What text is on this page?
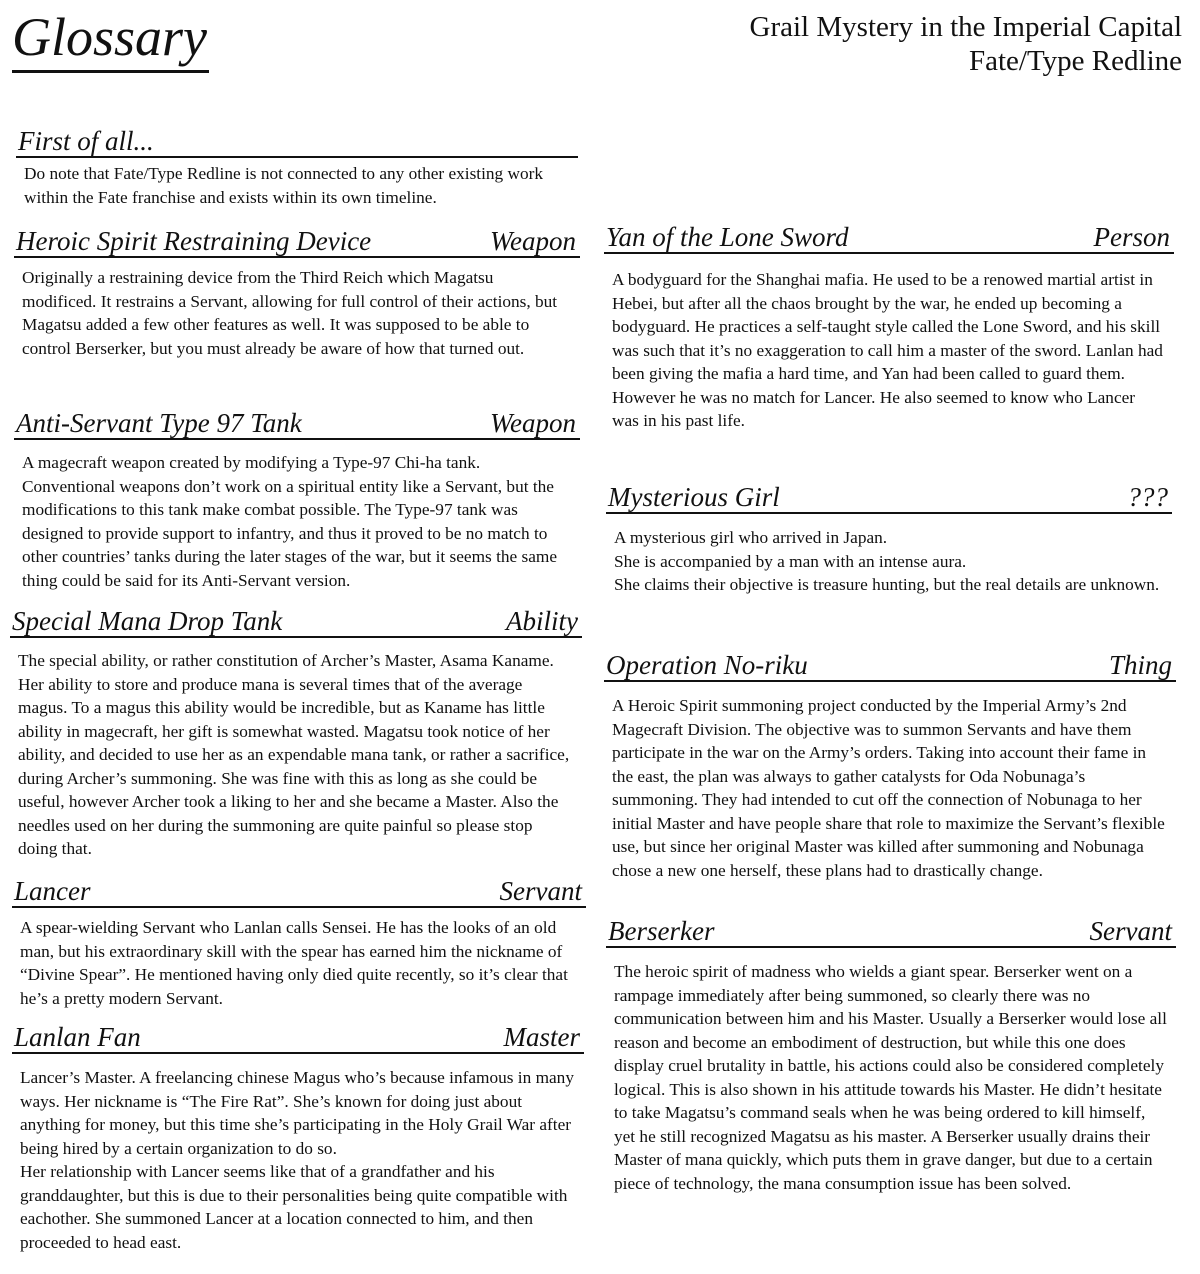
Glossary	Grail Mystery in the Imperial Capital
Fate/Type Redline
First of all...

Do note that Fate/Type Redline is not connected to any other existing work within the Fate franchise and exists within its own timeline.

Heroic Spirit Restraining Device	Weapon

Originally a restraining device from the Third Reich which Magatsu modificed. It restrains a Servant, allowing for full control of their actions, but Magatsu added a few other features as well. It was supposed to be able to control Berserker, but you must already be aware of how that turned out.

Anti-Servant Type 97 Tank	Weapon

A magecraft weapon created by modifying a Type-97 Chi-ha tank. Conventional weapons don’t work on a spiritual entity like a Servant, but the modifications to this tank make combat possible. The Type-97 tank was designed to provide support to infantry, and thus it proved to be no match to other countries’ tanks during the later stages of the war, but it seems the same thing could be said for its Anti-Servant version.

Special Mana Drop Tank	Ability

The special ability, or rather constitution of Archer’s Master, Asama Kaname. Her ability to store and produce mana is several times that of the average magus. To a magus this ability would be incredible, but as Kaname has little ability in magecraft, her gift is somewhat wasted. Magatsu took notice of her ability, and decided to use her as an expendable mana tank, or rather a sacrifice, during Archer’s summoning. She was fine with this as long as she could be useful, however Archer took a liking to her and she became a Master. Also the needles used on her during the summoning are quite painful so please stop doing that.

Lancer	Servant

A spear-wielding Servant who Lanlan calls Sensei. He has the looks of an old man, but his extraordinary skill with the spear has earned him the nickname of “Divine Spear”. He mentioned having only died quite recently, so it’s clear that he’s a pretty modern Servant.

Lanlan Fan	Master

Lancer’s Master. A freelancing chinese Magus who’s because infamous in many ways. Her nickname is “The Fire Rat”. She’s known for doing just about anything for money, but this time she’s participating in the Holy Grail War after being hired by a certain organization to do so.

Her relationship with Lancer seems like that of a grandfather and his granddaughter, but this is due to their personalities being quite compatible with eachother. She summoned Lancer at a location connected to him, and then proceeded to head east.

Yan of the Lone Sword	Person

A bodyguard for the Shanghai mafia. He used to be a renowed martial artist in Hebei, but after all the chaos brought by the war, he ended up becoming a bodyguard. He practices a self-taught style called the Lone Sword, and his skill was such that it’s no exaggeration to call him a master of the sword. Lanlan had been giving the mafia a hard time, and Yan had been called to guard them. However he was no match for Lancer. He also seemed to know who Lancer was in his past life.

Mysterious Girl	???

A mysterious girl who arrived in Japan.

She is accompanied by a man with an intense aura.

She claims their objective is treasure hunting, but the real details are unknown.

Operation No-riku	Thing

A Heroic Spirit summoning project conducted by the Imperial Army’s 2nd Magecraft Division. The objective was to summon Servants and have them participate in the war on the Army’s orders. Taking into account their fame in the east, the plan was always to gather catalysts for Oda Nobunaga’s summoning. They had intended to cut off the connection of Nobunaga to her initial Master and have people share that role to maximize the Servant’s flexible use, but since her original Master was killed after summoning and Nobunaga chose a new one herself, these plans had to drastically change.

Berserker	Servant

The heroic spirit of madness who wields a giant spear. Berserker went on a rampage immediately after being summoned, so clearly there was no communication between him and his Master. Usually a Berserker would lose all reason and become an embodiment of destruction, but while this one does display cruel brutality in battle, his actions could also be considered completely logical. This is also shown in his attitude towards his Master. He didn’t hesitate to take Magatsu’s command seals when he was being ordered to kill himself, yet he still recognized Magatsu as his master. A Berserker usually drains their Master of mana quickly, which puts them in grave danger, but due to a certain piece of technology, the mana consumption issue has been solved.
